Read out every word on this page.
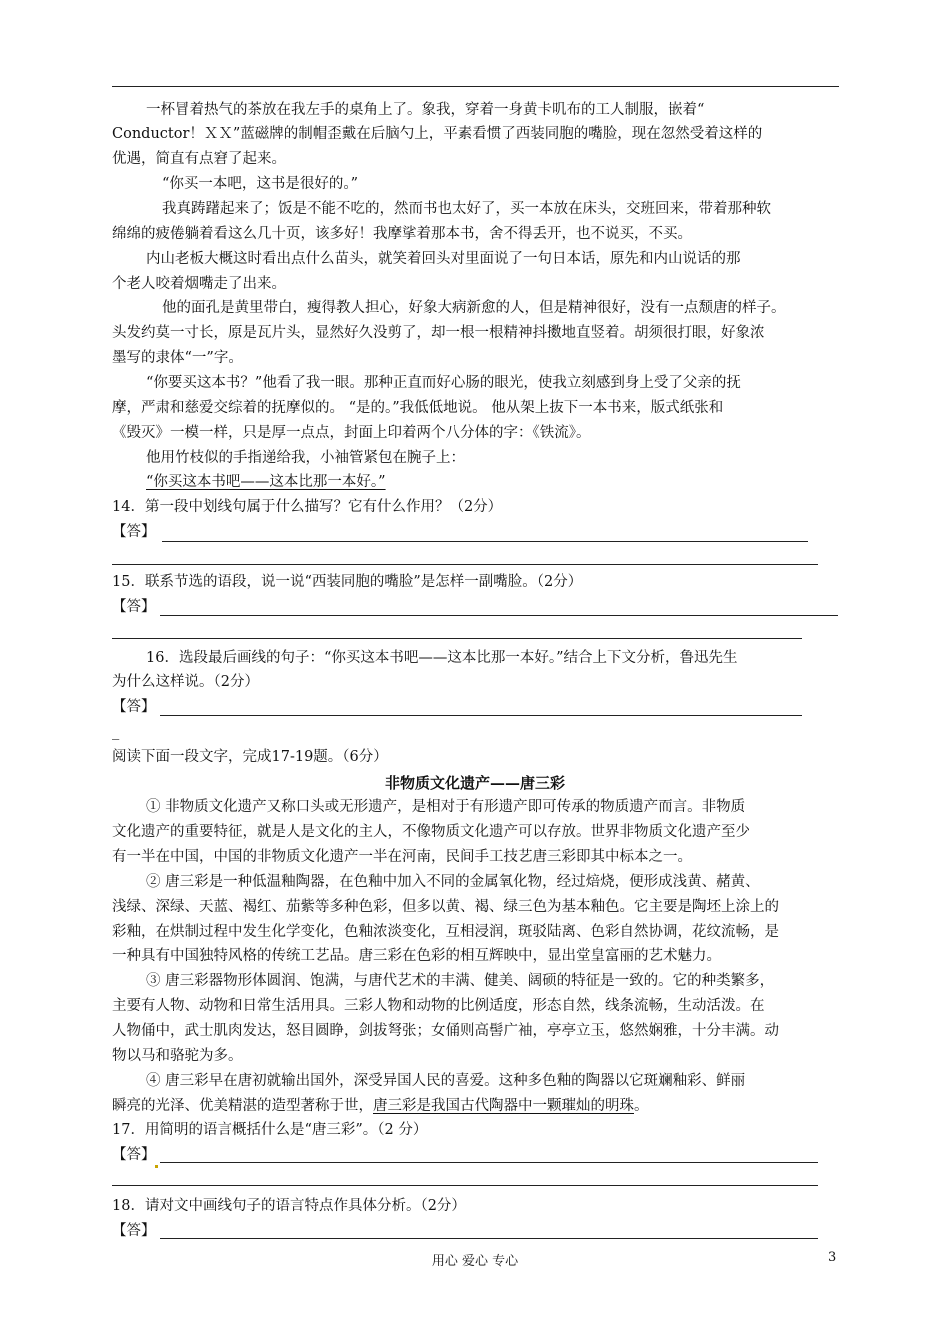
一杯冒着热气的茶放在我左手的桌角上了。象我，穿着一身黄卡叽布的工人制服，嵌着“
Conductor！ＸＸ”蓝磁牌的制帽歪戴在后脑勺上，平素看惯了西装同胞的嘴脸，现在忽然受着这样的
优遇，简直有点窘了起来。
“你买一本吧，这书是很好的。”
我真踌躇起来了；饭是不能不吃的，然而书也太好了，买一本放在床头，交班回来，带着那种软
绵绵的疲倦躺着看这么几十页，该多好！我摩挲着那本书，舍不得丢开，也不说买，不买。
内山老板大概这时看出点什么苗头，就笑着回头对里面说了一句日本话，原先和内山说话的那
个老人咬着烟嘴走了出来。
他的面孔是黄里带白，瘦得教人担心，好象大病新愈的人，但是精神很好，没有一点颓唐的样子。
头发约莫一寸长，原是瓦片头，显然好久没剪了，却一根一根精神抖擞地直竖着。胡须很打眼，好象浓
墨写的隶体“一”字。
“你要买这本书？”他看了我一眼。那种正直而好心肠的眼光，使我立刻感到身上受了父亲的抚
摩，严肃和慈爱交综着的抚摩似的。 “是的。”我低低地说。 他从架上抜下一本书来，版式纸张和
《毁灭》一模一样，只是厚一点点，封面上印着两个八分体的字：《铁流》。
他用竹枝似的手指递给我，小袖管紧包在腕子上：
“你买这本书吧——这本比那一本好。”
14．第一段中划线句属于什么描写？它有什么作用？（2分）
【答】
15．联系节选的语段，说一说“西装同胞的嘴脸”是怎样一副嘴脸。（2分）
【答】
16．选段最后画线的句子：“你买这本书吧——这本比那一本好。”结合上下文分析，鲁迅先生
为什么这样说。（2分）
【答】
_
阅读下面一段文字，完成17-19题。（6分）
非物质文化遗产——唐三彩
① 非物质文化遗产又称口头或无形遗产，是相对于有形遗产即可传承的物质遗产而言。非物质
文化遗产的重要特征，就是人是文化的主人，不像物质文化遗产可以存放。世界非物质文化遗产至少
有一半在中国，中国的非物质文化遗产一半在河南，民间手工技艺唐三彩即其中标本之一。
② 唐三彩是一种低温釉陶器，在色釉中加入不同的金属氧化物，经过焙烧，便形成浅黄、赭黄、
浅绿、深绿、天蓝、褐红、茄紫等多种色彩，但多以黄、褐、绿三色为基本釉色。它主要是陶坯上涂上的
彩釉，在烘制过程中发生化学变化，色釉浓淡变化，互相浸润，斑驳陆离、色彩自然协调，花纹流畅，是
一种具有中国独特风格的传统工艺品。唐三彩在色彩的相互辉映中，显出堂皇富丽的艺术魅力。
③ 唐三彩器物形体圆润、饱满，与唐代艺术的丰满、健美、阔硕的特征是一致的。它的种类繁多，
主要有人物、动物和日常生活用具。三彩人物和动物的比例适度，形态自然，线条流畅，生动活泼。在
人物俑中，武士肌肉发达，怒目圆睁，剑拔弩张；女俑则高髻广袖，亭亭立玉，悠然娴雅，十分丰满。动
物以马和骆驼为多。
④ 唐三彩早在唐初就输出国外，深受异国人民的喜爱。这种多色釉的陶器以它斑斓釉彩、鲜丽
瞬亮的光泽、优美精湛的造型著称于世，唐三彩是我国古代陶器中一颗璀灿的明珠。
17．用简明的语言概括什么是“唐三彩”。（2 分）
【答】
18．请对文中画线句子的语言特点作具体分析。（2分）
【答】
用心 爱心 专心	3
